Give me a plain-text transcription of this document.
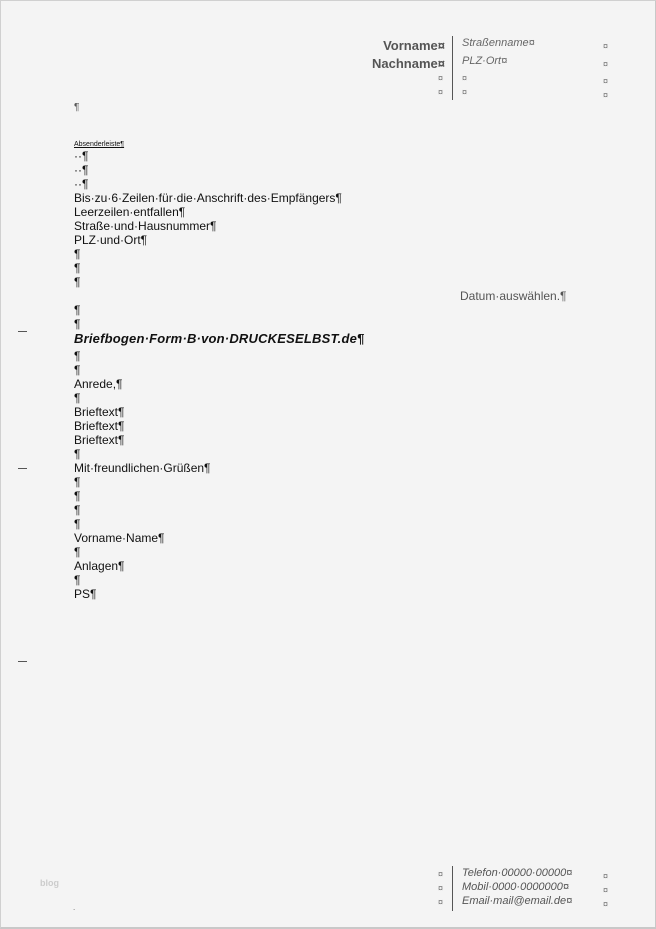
Vorname¤
Nachname¤
¤
¤
Straßenname¤
PLZ·Ort¤
¤
¤
¤
¤
¤
¤
¶
Absenderleiste¶
··¶
··¶
··¶
Bis·zu·6·Zeilen·für·die·Anschrift·des·Empfängers¶
Leerzeilen·entfallen¶
Straße·und·Hausnummer¶
PLZ·und·Ort¶
¶
¶
¶
Datum·auswählen.¶
¶
¶
Briefbogen·Form·B·von·DRUCKESELBST.de¶
¶
¶
Anrede,¶
¶
Brieftext¶
Brieftext¶
Brieftext¶
¶
Mit·freundlichen·Grüßen¶
¶
¶
¶
¶
Vorname·Name¶
¶
Anlagen¶
¶
PS¶
¤
¤
¤
Telefon·00000·00000¤
Mobil·0000·0000000¤
Email·mail@email.de¤
¤
¤
¤
blog
.
